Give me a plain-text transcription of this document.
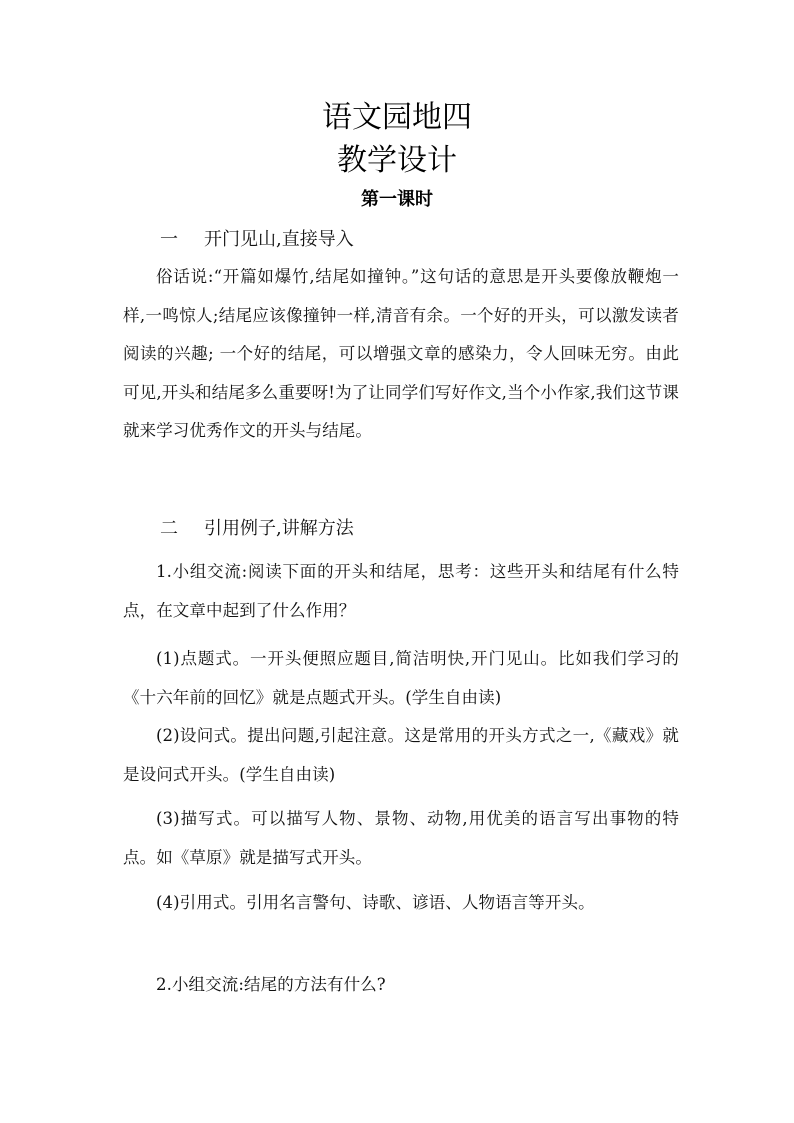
语文园地四
教学设计
第一课时
一 开门见山,直接导入

俗话说:“开篇如爆竹,结尾如撞钟。”这句话的意思是开头要像放鞭炮一样,一鸣惊人;结尾应该像撞钟一样,清音有余。一个好的开头，可以激发读者阅读的兴趣; 一个好的结尾，可以增强文章的感染力，令人回味无穷。由此可见,开头和结尾多么重要呀!为了让同学们写好作文,当个小作家,我们这节课就来学习优秀作文的开头与结尾。

二 引用例子,讲解方法

1.小组交流:阅读下面的开头和结尾，思考：这些开头和结尾有什么特点，在文章中起到了什么作用？

(1)点题式。一开头便照应题目,简洁明快,开门见山。比如我们学习的《十六年前的回忆》就是点题式开头。(学生自由读)

(2)设问式。提出问题,引起注意。这是常用的开头方式之一,《藏戏》就是设问式开头。(学生自由读)

(3)描写式。可以描写人物、景物、动物,用优美的语言写出事物的特点。如《草原》就是描写式开头。

(4)引用式。引用名言警句、诗歌、谚语、人物语言等开头。

2.小组交流:结尾的方法有什么?
